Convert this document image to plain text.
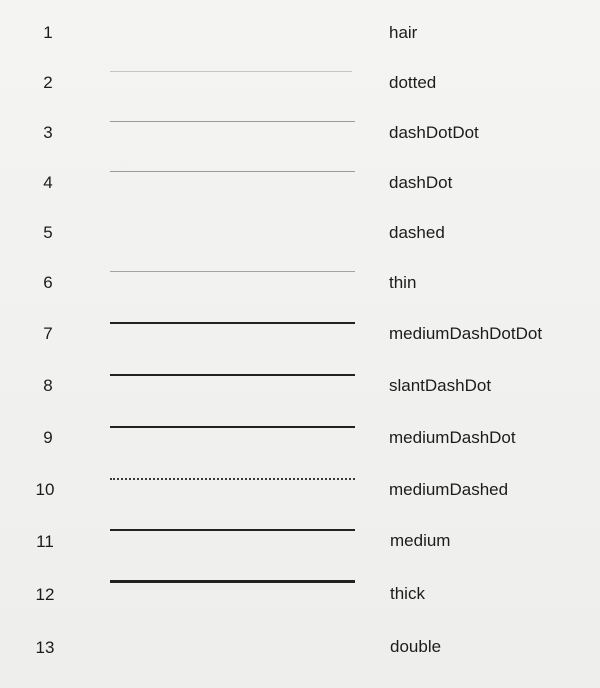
1
2
3
4
5
6
7
8
9
10
11
12
13
hair
dotted
dashDotDot
dashDot
dashed
thin
mediumDashDotDot
slantDashDot
mediumDashDot
mediumDashed
medium
thick
double
